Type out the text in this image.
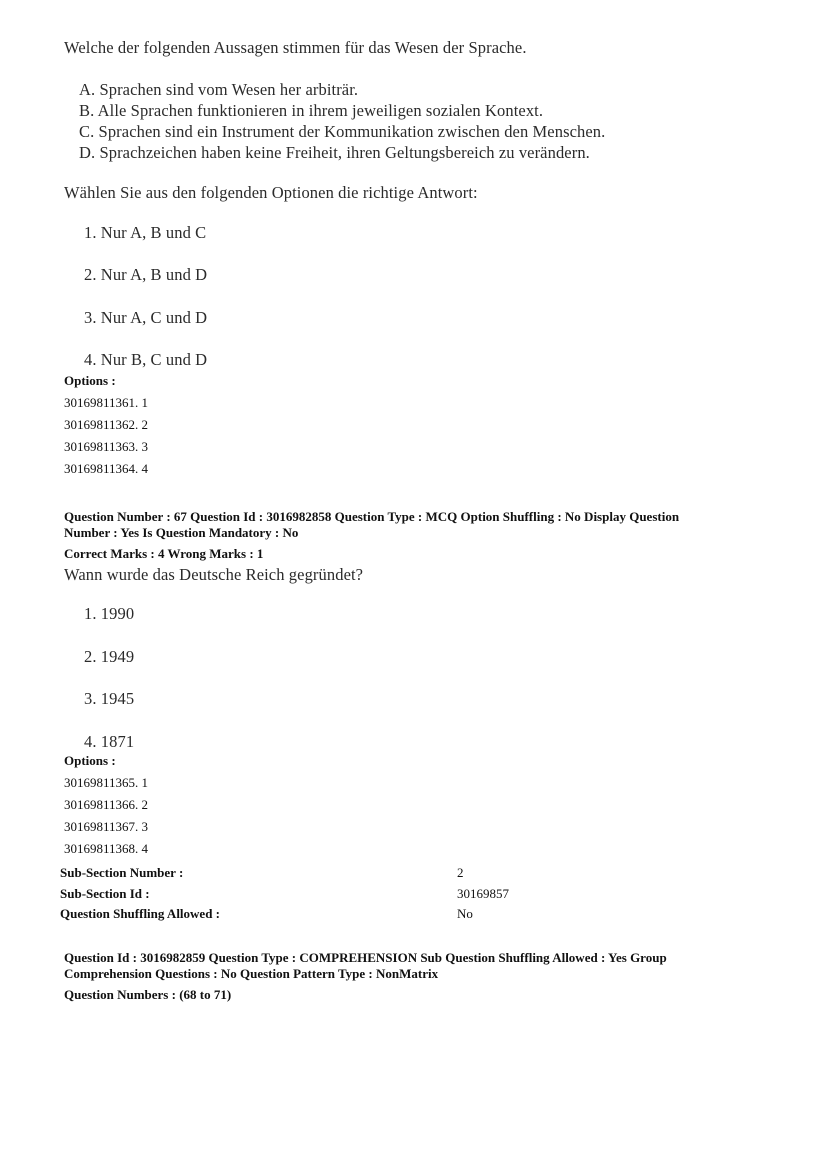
Welche der folgenden Aussagen stimmen für das Wesen der Sprache.
A. Sprachen sind vom Wesen her arbiträr.
B. Alle Sprachen funktionieren in ihrem jeweiligen sozialen Kontext.
C. Sprachen sind ein Instrument der Kommunikation zwischen den Menschen.
D. Sprachzeichen haben keine Freiheit, ihren Geltungsbereich zu verändern.
Wählen Sie aus den folgenden Optionen die richtige Antwort:
1. Nur A, B und C
2. Nur A, B und D
3. Nur A, C und D
4. Nur B, C und D
Options :
30169811361. 1
30169811362. 2
30169811363. 3
30169811364. 4
Question Number : 67 Question Id : 3016982858 Question Type : MCQ Option Shuffling : No Display Question
Number : Yes Is Question Mandatory : No
Correct Marks : 4 Wrong Marks : 1
Wann wurde das Deutsche Reich gegründet?
1. 1990
2. 1949
3. 1945
4. 1871
Options :
30169811365. 1
30169811366. 2
30169811367. 3
30169811368. 4
Sub-Section Number :	2
Sub-Section Id :	30169857
Question Shuffling Allowed :	No
Question Id : 3016982859 Question Type : COMPREHENSION Sub Question Shuffling Allowed : Yes Group
Comprehension Questions : No Question Pattern Type : NonMatrix
Question Numbers : (68 to 71)
